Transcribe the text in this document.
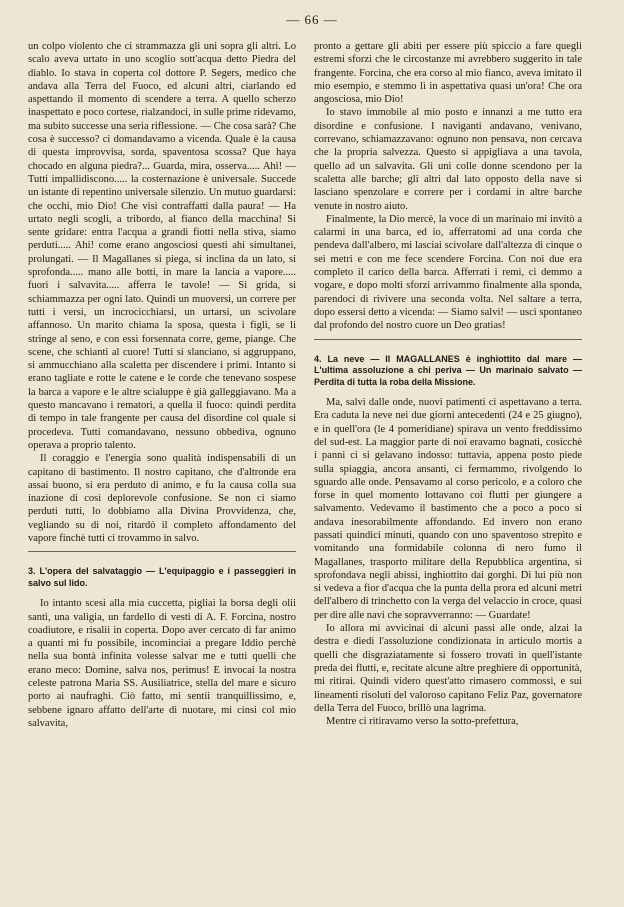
— 66 —

un colpo violento che ci strammazza gli uni sopra gli altri. Lo scalo aveva urtato in uno scoglio sott'acqua detto Piedra del diablo. Io stava in coperta col dottore P. Segers, medico che andava alla Terra del Fuoco, ed alcuni altri, ciarlando ed aspettando il momento di scendere a terra. A quello scherzo inaspettato e poco cortese, rialzandoci, in sulle prime ridevamo, ma subito successe una seria riflessione. — Che cosa sarà? Che cosa è successo? ci domandavamo a vicenda. Quale è la causa di questa improvvisa, sorda, spaventosa scossa? Que haya chocado en alguna piedra?... Guarda, mira, osserva..... Ahi! — Tutti impallidiscono..... la costernazione è universale. Succede un istante di repentino universale silenzio. Un mutuo guardarsi: che occhi, mio Dio! Che visi contraffatti dalla paura! — Ha urtato negli scogli, a tribordo, al fianco della macchina! Si sente gridare: entra l'acqua a grandi fiotti nella stiva, siamo perduti..... Ahi! come erano angosciosi questi ahi simultanei, prolungati. — Il Magallanes si piega, si inclina da un lato, si sprofonda..... mano alle botti, in mare la lancia a vapore..... fuori i salvavita..... afferra le tavole! — Si grida, si schiammazza per ogni lato. Quindi un muoversi, un correre per tutti i versi, un incrocicchiarsi, un urtarsi, un scivolare affannoso. Un marito chiama la sposa, questa i figli, se li stringe al seno, e con essi forsennata corre, geme, piange. Che scene, che schianti al cuore! Tutti si slanciano, si aggruppano, si ammucchiano alla scaletta per discendere i primi. Intanto si erano tagliate e rotte le catene e le corde che tenevano sospese la barca a vapore e le altre scialuppe è già galleggiavano. Ma a questo mancavano i rematori, a quella il fuoco: quindi perdita di tempo in tale frangente per causa del disordine col quale si procedeva. Tutti comandavano, nessuno obbediva, ognuno operava a proprio talento.

Il coraggio e l'energia sono qualità indispensabili di un capitano di bastimento. Il nostro capitano, che d'altronde era assai buono, si era perduto di animo, e fu la causa colla sua inazione di così deplorevole confusione. Se non ci siamo perduti tutti, lo dobbiamo alla Divina Provvidenza, che, vegliando su di noi, ritardò il completo affondamento del vapore finchè tutti ci trovammo in salvo.

3. L'opera del salvataggio — L'equipaggio e i passeggieri in salvo sul lido.

Io intanto scesi alla mia cuccetta, pigliai la borsa degli olii santi, una valigia, un fardello di vesti di A. F. Forcina, nostro coadiutore, e risalii in coperta. Dopo aver cercato di far animo a quanti mi fu possibile, incominciai a pregare Iddio perchè nella sua bontà infinita volesse salvar me e tutti quelli che erano meco: Domine, salva nos, perimus! E invocai la nostra celeste patrona Maria SS. Ausiliatrice, stella del mare e sicuro porto ai naufraghi. Ciò fatto, mi sentii tranquillissimo, e, sebbene ignaro affatto dell'arte di nuotare, mi cinsi col mio salvavita,

pronto a gettare gli abiti per essere più spiccio a fare quegli estremi sforzi che le circostanze mi avrebbero suggerito in tale frangente. Forcina, che era corso al mio fianco, aveva imitato il mio esempio, e stemmo lì in aspettativa quasi un'ora! Che ora angosciosa, mio Dio!

Io stavo immobile al mio posto e innanzi a me tutto era disordine e confusione. I naviganti andavano, venivano, correvano, schiamazzavano: ognuno non pensava, non cercava che la propria salvezza. Questo si appigliava a una tavola, quello ad un salvavita. Gli uni colle donne scendono per la scaletta alle barche; gli altri dal lato opposto della nave si lasciano spenzolare e correre per i cordami in altre barche venute in nostro aiuto.

Finalmente, la Dio mercè, la voce di un marinaio mi invitò a calarmi in una barca, ed io, afferratomi ad una corda che pendeva dall'albero, mi lasciai scivolare dall'altezza di cinque o sei metri e con me fece scendere Forcina. Con noi due era completo il carico della barca. Afferrati i remi, ci demmo a vogare, e dopo molti sforzi arrivammo finalmente alla sponda, parendoci di rivivere una seconda volta. Nel saltare a terra, dopo essersi detto a vicenda: — Siamo salvi! — uscì spontaneo dal profondo del nostro cuore un Deo gratias!

4. La neve — Il MAGALLANES è inghiottito dal mare — L'ultima assoluzione a chi periva — Un marinaio salvato — Perdita di tutta la roba della Missione.

Ma, salvi dalle onde, nuovi patimenti ci aspettavano a terra. Era caduta la neve nei due giorni antecedenti (24 e 25 giugno), e in quell'ora (le 4 pomeridiane) spirava un vento freddissimo del sud-est. La maggior parte di noi eravamo bagnati, cosicchè i panni ci si gelavano indosso: tuttavia, appena posto piede sulla spiaggia, ancora ansanti, ci fermammo, rivolgendo lo sguardo alle onde. Pensavamo al corso pericolo, e a coloro che forse in quel momento lottavano coi flutti per giungere a salvamento. Vedevamo il bastimento che a poco a poco si andava inesorabilmente affondando. Ed invero non erano passati quindici minuti, quando con uno spaventoso strepito e vomitando una formidabile colonna di nero fumo il Magallanes, trasporto militare della Repubblica argentina, si sprofondava negli abissi, inghiottito dai gorghi. Di lui più non si vedeva a fior d'acqua che la punta della prora ed alcuni metri dell'albero di trinchetto con la verga del velaccio in croce, quasi per dire alle navi che sopravverranno: — Guardate!

Io allora mi avvicinai di alcuni passi alle onde, alzai la destra e diedi l'assoluzione condizionata in articulo mortis a quelli che disgraziatamente si fossero trovati in quell'istante preda dei flutti, e, recitate alcune altre preghiere di opportunità, mi ritirai. Quindi videro quest'atto rimasero commossi, e sui lineamenti risoluti del valoroso capitano Feliz Paz, governatore della Terra del Fuoco, brillò una lagrima.

Mentre ci ritiravamo verso la sotto-prefettura,
